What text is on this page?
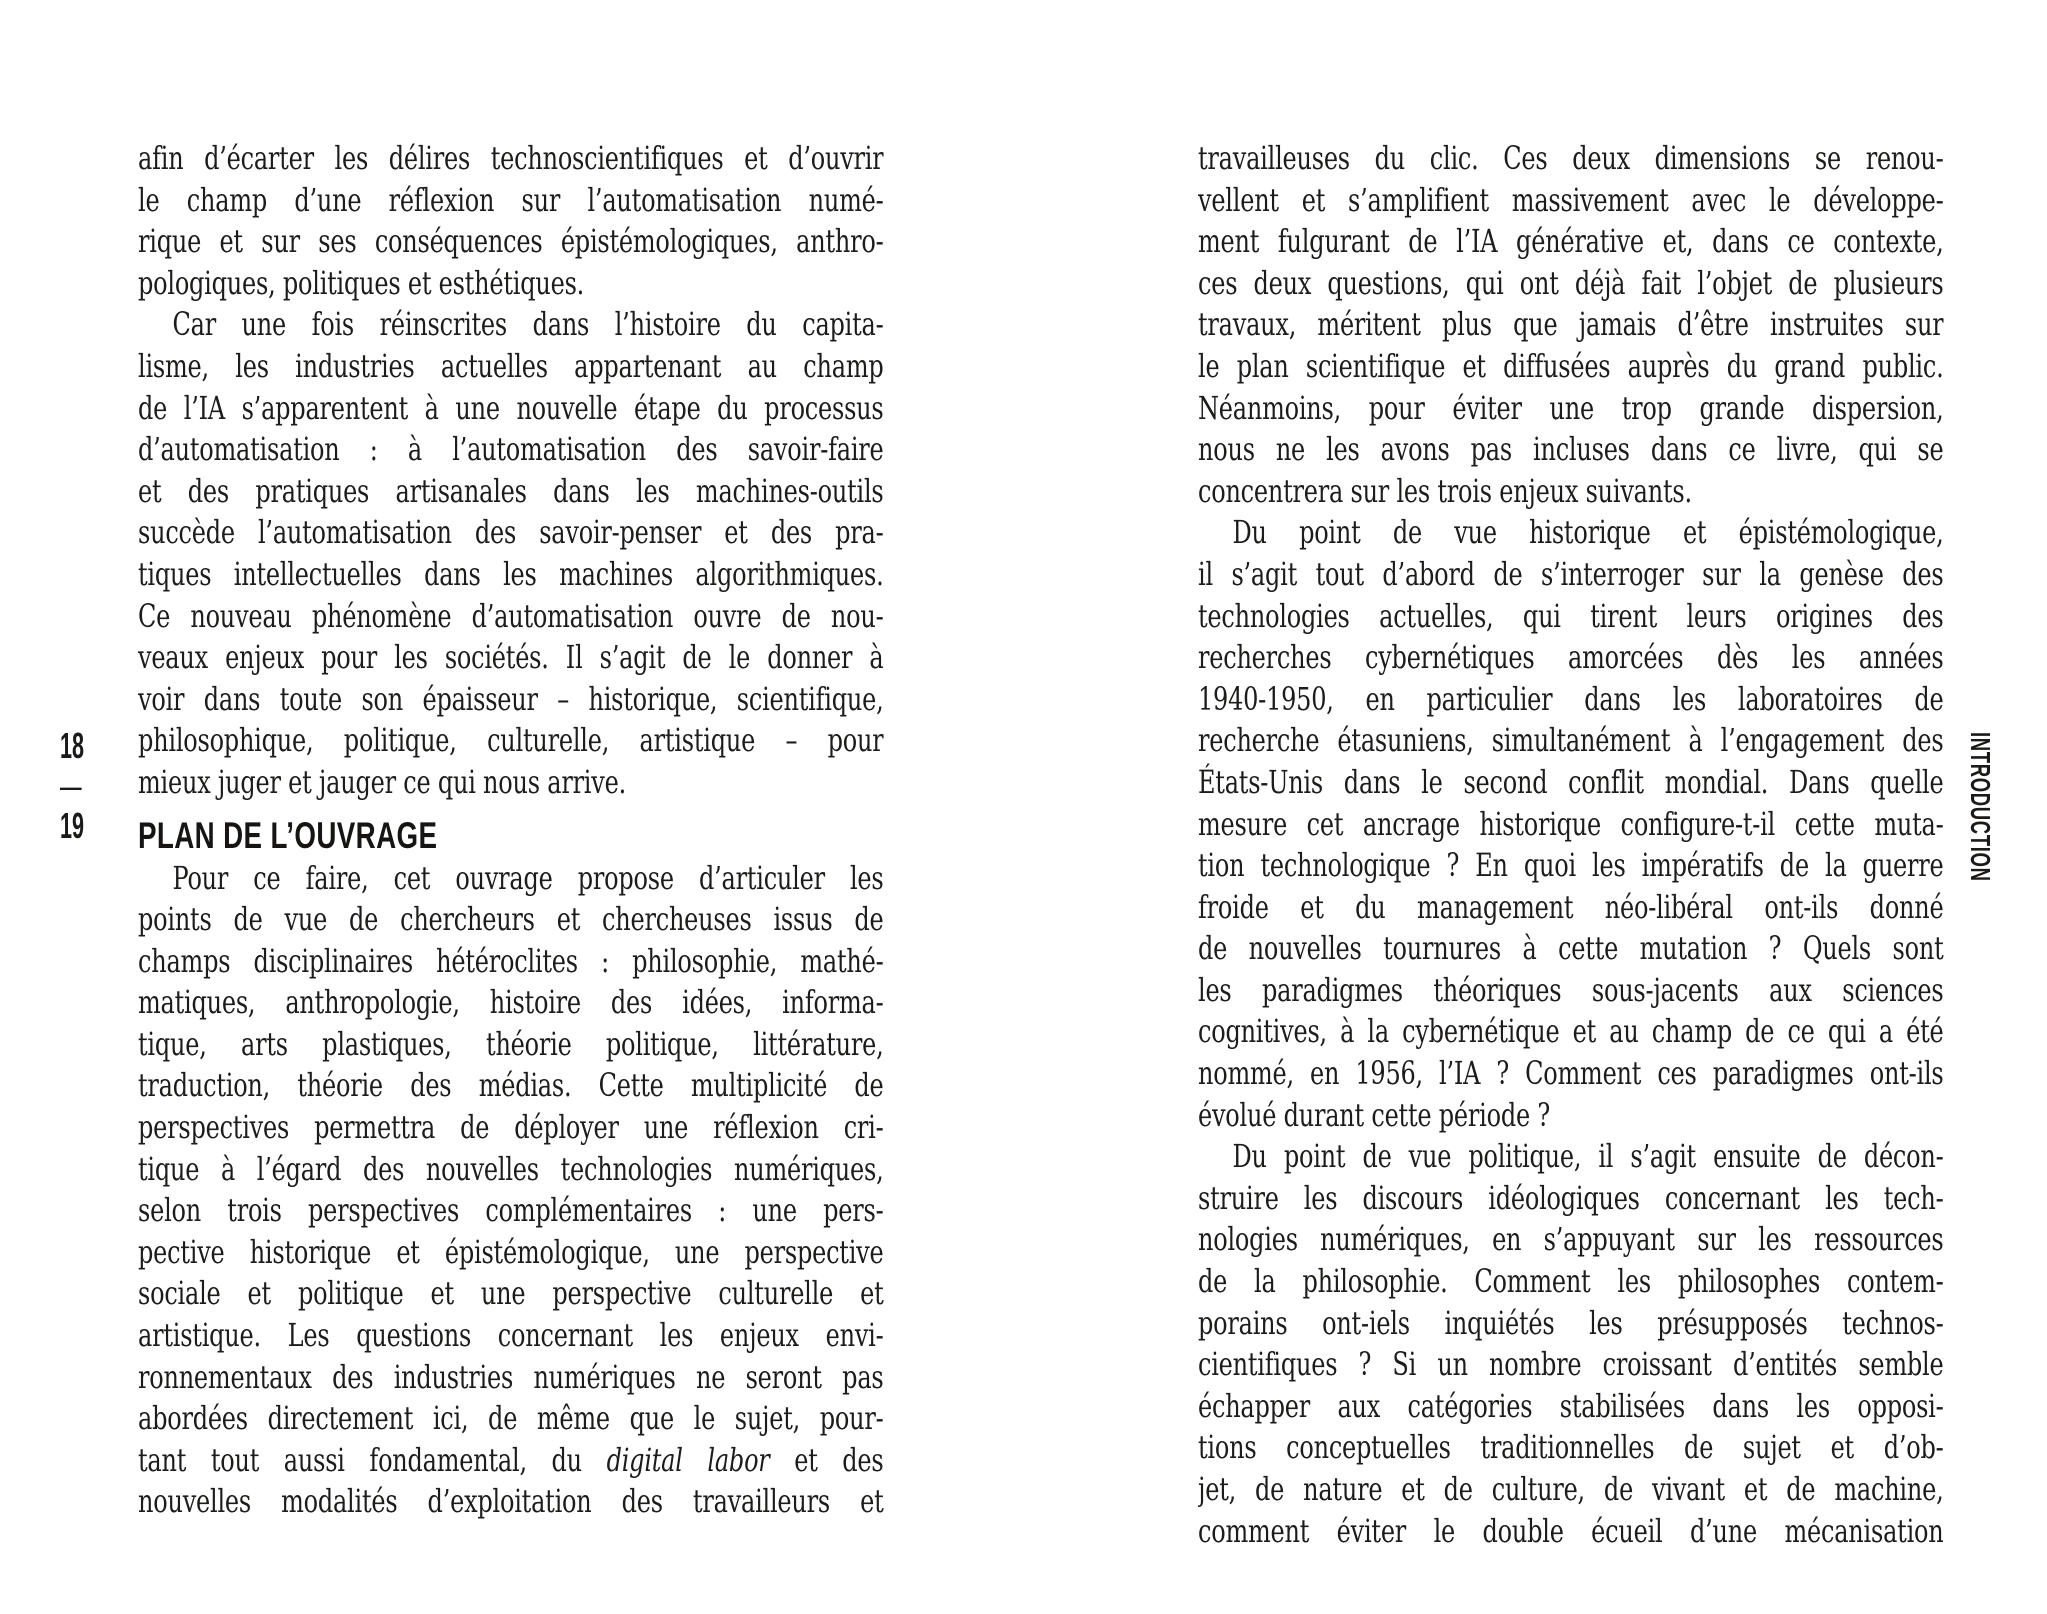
18
—
19
afin d’écarter les délires technoscientifiques et d’ouvrir
le champ d’une réflexion sur l’automatisation numé-
rique et sur ses conséquences épistémologiques, anthro-
pologiques, politiques et esthétiques.
Car une fois réinscrites dans l’histoire du capita-
lisme, les industries actuelles appartenant au champ
de l’IA s’apparentent à une nouvelle étape du processus
d’automatisation : à l’automatisation des savoir-faire
et des pratiques artisanales dans les machines-outils
succède l’automatisation des savoir-penser et des pra-
tiques intellectuelles dans les machines algorithmiques.
Ce nouveau phénomène d’automatisation ouvre de nou-
veaux enjeux pour les sociétés. Il s’agit de le donner à
voir dans toute son épaisseur – historique, scientifique,
philosophique, politique, culturelle, artistique – pour
mieux juger et jauger ce qui nous arrive.
PLAN DE L’OUVRAGE
Pour ce faire, cet ouvrage propose d’articuler les
points de vue de chercheurs et chercheuses issus de
champs disciplinaires hétéroclites : philosophie, mathé-
matiques, anthropologie, histoire des idées, informa-
tique, arts plastiques, théorie politique, littérature,
traduction, théorie des médias. Cette multiplicité de
perspectives permettra de déployer une réflexion cri-
tique à l’égard des nouvelles technologies numériques,
selon trois perspectives complémentaires : une pers-
pective historique et épistémologique, une perspective
sociale et politique et une perspective culturelle et
artistique. Les questions concernant les enjeux envi-
ronnementaux des industries numériques ne seront pas
abordées directement ici, de même que le sujet, pour-
tant tout aussi fondamental, du digital labor et des
nouvelles modalités d’exploitation des travailleurs et
travailleuses du clic. Ces deux dimensions se renou-
vellent et s’amplifient massivement avec le développe-
ment fulgurant de l’IA générative et, dans ce contexte,
ces deux questions, qui ont déjà fait l’objet de plusieurs
travaux, méritent plus que jamais d’être instruites sur
le plan scientifique et diffusées auprès du grand public.
Néanmoins, pour éviter une trop grande dispersion,
nous ne les avons pas incluses dans ce livre, qui se
concentrera sur les trois enjeux suivants.
Du point de vue historique et épistémologique,
il s’agit tout d’abord de s’interroger sur la genèse des
technologies actuelles, qui tirent leurs origines des
recherches cybernétiques amorcées dès les années
1940-1950, en particulier dans les laboratoires de
recherche étasuniens, simultanément à l’engagement des
États-Unis dans le second conflit mondial. Dans quelle
mesure cet ancrage historique configure-t-il cette muta-
tion technologique ? En quoi les impératifs de la guerre
froide et du management néo-libéral ont-ils donné
de nouvelles tournures à cette mutation ? Quels sont
les paradigmes théoriques sous-jacents aux sciences
cognitives, à la cybernétique et au champ de ce qui a été
nommé, en 1956, l’IA ? Comment ces paradigmes ont-ils
évolué durant cette période ?
Du point de vue politique, il s’agit ensuite de décon-
struire les discours idéologiques concernant les tech-
nologies numériques, en s’appuyant sur les ressources
de la philosophie. Comment les philosophes contem-
porains ont-iels inquiétés les présupposés technos-
cientifiques ? Si un nombre croissant d’entités semble
échapper aux catégories stabilisées dans les opposi-
tions conceptuelles traditionnelles de sujet et d’ob-
jet, de nature et de culture, de vivant et de machine,
comment éviter le double écueil d’une mécanisation
INTRODUCTION
